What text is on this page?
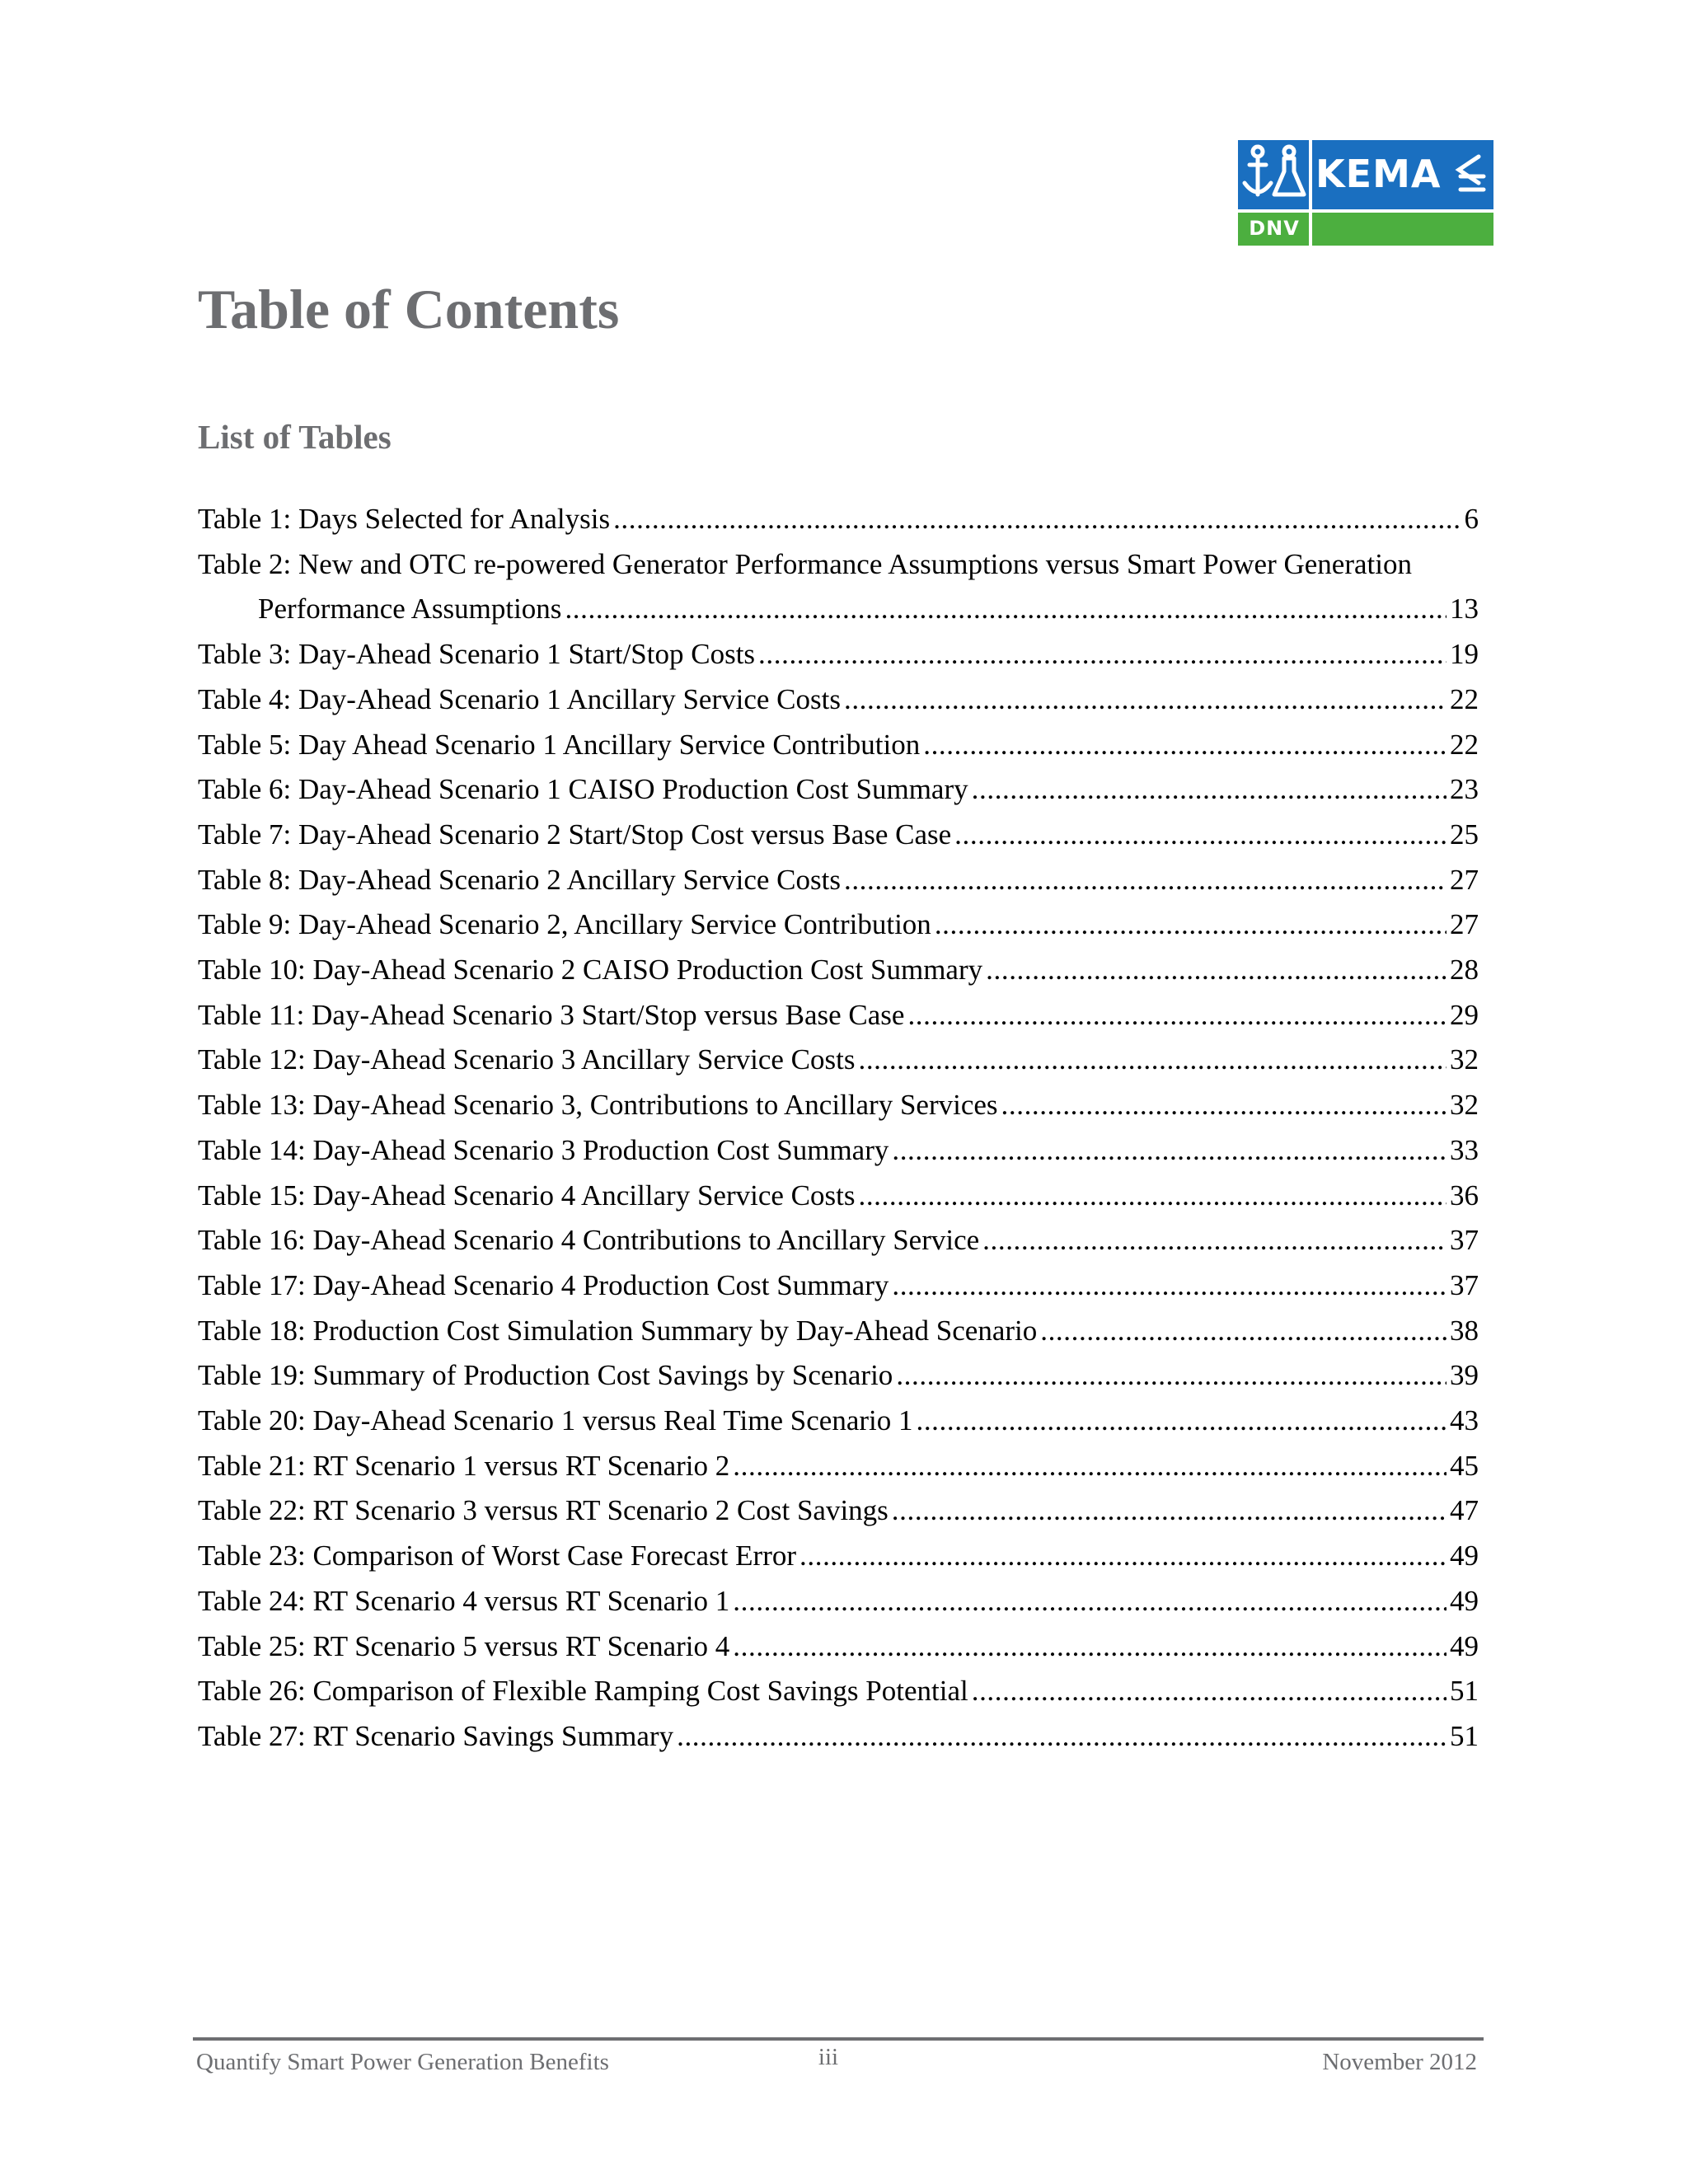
KEMA
DNV
Table of Contents
List of Tables
Table 1: Days Selected for Analysis .....	6
Table 2: New and OTC re-powered Generator Performance Assumptions versus Smart Power Generation
Performance Assumptions .....	13
Table 3: Day-Ahead Scenario 1 Start/Stop Costs .....	19
Table 4: Day-Ahead Scenario 1 Ancillary Service Costs .....	22
Table 5: Day Ahead Scenario 1 Ancillary Service Contribution .....	22
Table 6: Day-Ahead Scenario 1 CAISO Production Cost Summary .....	23
Table 7: Day-Ahead Scenario 2 Start/Stop Cost versus Base Case .....	25
Table 8: Day-Ahead Scenario 2 Ancillary Service Costs .....	27
Table 9: Day-Ahead Scenario 2, Ancillary Service Contribution .....	27
Table 10: Day-Ahead Scenario 2 CAISO Production Cost Summary .....	28
Table 11: Day-Ahead Scenario 3 Start/Stop versus Base Case .....	29
Table 12: Day-Ahead Scenario 3 Ancillary Service Costs .....	32
Table 13: Day-Ahead Scenario 3, Contributions to Ancillary Services .....	32
Table 14: Day-Ahead Scenario 3 Production Cost Summary .....	33
Table 15: Day-Ahead Scenario 4 Ancillary Service Costs .....	36
Table 16: Day-Ahead Scenario 4 Contributions to Ancillary Service .....	37
Table 17: Day-Ahead Scenario 4 Production Cost Summary .....	37
Table 18: Production Cost Simulation Summary by Day-Ahead Scenario .....	38
Table 19: Summary of Production Cost Savings by Scenario .....	39
Table 20: Day-Ahead Scenario 1 versus Real Time Scenario 1 .....	43
Table 21: RT Scenario 1 versus RT Scenario 2 .....	45
Table 22: RT Scenario 3 versus RT Scenario 2 Cost Savings .....	47
Table 23: Comparison of Worst Case Forecast Error .....	49
Table 24: RT Scenario 4 versus RT Scenario 1 .....	49
Table 25: RT Scenario 5 versus RT Scenario 4 .....	49
Table 26: Comparison of Flexible Ramping Cost Savings Potential .....	51
Table 27: RT Scenario Savings Summary .....	51
Quantify Smart Power Generation Benefits	iii	November 2012
